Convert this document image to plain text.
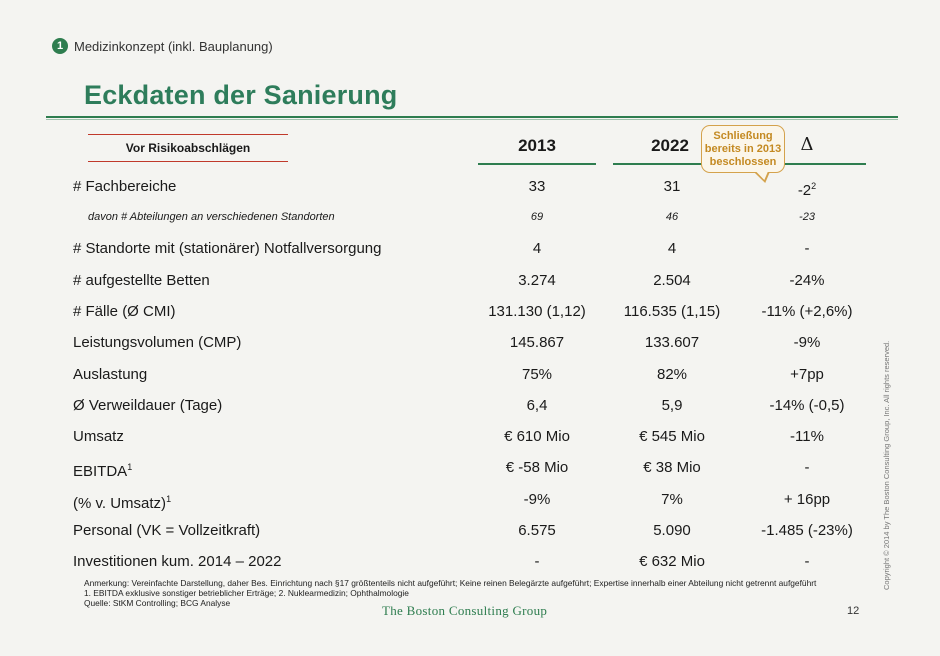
1 Medizinkonzept (inkl. Bauplanung)
Eckdaten der Sanierung
Vor Risikoabschlägen	2013	2022	Δ
Schließung bereits in 2013 beschlossen
# Fachbereiche	33	31	$-2^2$
davon # Abteilungen an verschiedenen Standorten	69	46	-23
# Standorte mit (stationärer) Notfallversorgung	4	4	-
# aufgestellte Betten	3.274	2.504	-24%
# Fälle (Ø CMI)	131.130 (1,12)	116.535 (1,15)	-11% (+2,6%)
Leistungsvolumen (CMP)	145.867	133.607	-9%
Auslastung	75%	82%	+7pp
Ø Verweildauer (Tage)	6,4	5,9	-14% (-0,5)
Umsatz	€ 610 Mio	€ 545 Mio	-11%
EBITDA$^1$	€ -58 Mio	€ 38 Mio	-
(% v. Umsatz)$^1$	-9%	7%	+ 16pp
Personal (VK = Vollzeitkraft)	6.575	5.090	-1.485 (-23%)
Investitionen kum. 2014 – 2022	-	€ 632 Mio	-
Anmerkung: Vereinfachte Darstellung, daher Bes. Einrichtung nach §17 größtenteils nicht aufgeführt; Keine reinen Belegärzte aufgeführt; Expertise innerhalb einer Abteilung nicht getrennt aufgeführt
1. EBITDA exklusive sonstiger betrieblicher Erträge; 2. Nuklearmedizin; Ophthalmologie
Quelle: StKM Controlling; BCG Analyse	The Boston Consulting Group	12
Copyright © 2014 by The Boston Consulting Group, Inc. All rights reserved.
